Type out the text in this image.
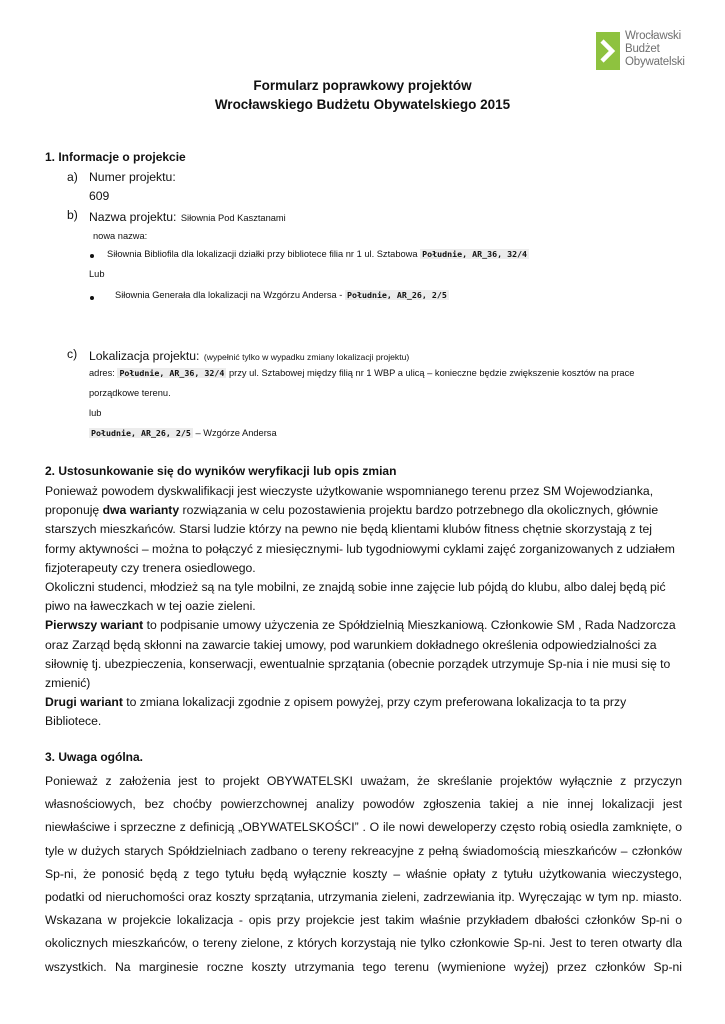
Wrocławski
Budżet
Obywatelski
Formularz poprawkowy projektów
Wrocławskiego Budżetu Obywatelskiego 2015
1. Informacje o projekcie
a) Numer projektu:
609
b) Nazwa projektu: Siłownia Pod Kasztanami
nowa nazwa:
Siłownia Bibliofila dla lokalizacji działki przy bibliotece filia nr 1 ul. Sztabowa Południe, AR_36, 32/4
Lub
Siłownia Generała dla lokalizacji na Wzgórzu Andersa - Południe, AR_26, 2/5
c) Lokalizacja projektu: (wypełnić tylko w wypadku zmiany lokalizacji projektu)
adres: Południe, AR_36, 32/4 przy ul. Sztabowej między filią nr 1 WBP a ulicą – konieczne będzie zwiększenie kosztów na prace
porządkowe terenu.
lub
Południe, AR_26, 2/5 – Wzgórze Andersa
2. Ustosunkowanie się do wyników weryfikacji lub opis zmian
Ponieważ powodem dyskwalifikacji jest wieczyste użytkowanie wspomnianego terenu przez SM Wojewodzianka,
proponuję dwa warianty rozwiązania w celu pozostawienia projektu bardzo potrzebnego dla okolicznych, głównie
starszych mieszkańców. Starsi ludzie którzy na pewno nie będą klientami klubów fitness chętnie skorzystają z tej
formy aktywności – można to połączyć z miesięcznymi- lub tygodniowymi cyklami zajęć zorganizowanych z udziałem
fizjoterapeuty czy trenera osiedlowego.
Okoliczni studenci, młodzież są na tyle mobilni, ze znajdą sobie inne zajęcie lub pójdą do klubu, albo dalej będą pić
piwo na ławeczkach w tej oazie zieleni.
Pierwszy wariant to podpisanie umowy użyczenia ze Spółdzielnią Mieszkaniową. Członkowie SM , Rada Nadzorcza
oraz Zarząd będą skłonni na zawarcie takiej umowy, pod warunkiem dokładnego określenia odpowiedzialności za
siłownię tj. ubezpieczenia, konserwacji, ewentualnie sprzątania (obecnie porządek utrzymuje Sp-nia i nie musi się to
zmienić)
Drugi wariant to zmiana lokalizacji zgodnie z opisem powyżej, przy czym preferowana lokalizacja to ta przy
Bibliotece.
3. Uwaga ogólna.
Ponieważ z założenia jest to projekt OBYWATELSKI uważam, że skreślanie projektów wyłącznie z przyczyn
własnościowych, bez choćby powierzchownej analizy powodów zgłoszenia takiej a nie innej lokalizacji jest
niewłaściwe i sprzeczne z definicją „OBYWATELSKOŚCI” . O ile nowi deweloperzy często robią osiedla zamknięte, o
tyle w dużych starych Spółdzielniach zadbano o tereny rekreacyjne z pełną świadomością mieszkańców – członków
Sp-ni, że ponosić będą z tego tytułu będą wyłącznie koszty – właśnie opłaty z tytułu użytkowania wieczystego,
podatki od nieruchomości oraz koszty sprzątania, utrzymania zieleni, zadrzewiania itp. Wyręczając w tym np. miasto.
Wskazana w projekcie lokalizacja - opis przy projekcie jest takim właśnie przykładem dbałości członków Sp-ni o
okolicznych mieszkańców, o tereny zielone, z których korzystają nie tylko członkowie Sp-ni. Jest to teren otwarty dla
wszystkich. Na marginesie roczne koszty utrzymania tego terenu (wymienione wyżej) przez członków Sp-ni
